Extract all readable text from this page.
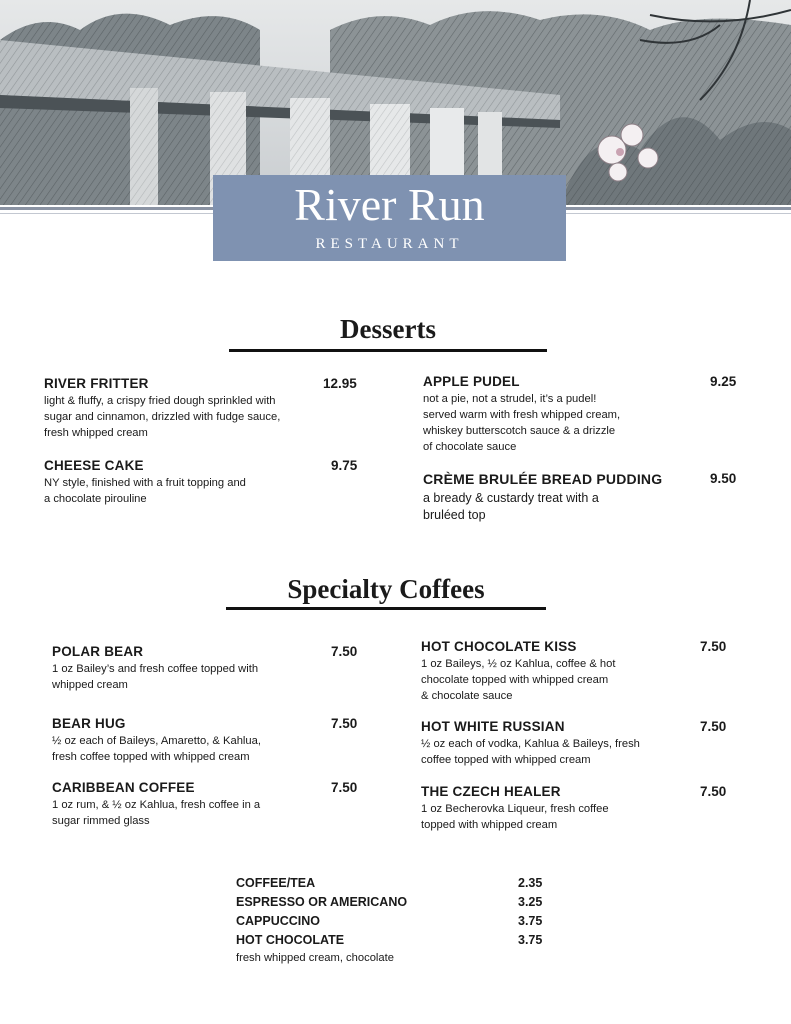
River Run
RESTAURANT
Desserts
RIVER FRITTER	12.95
light & fluffy, a crispy fried dough sprinkled with
sugar and cinnamon, drizzled with fudge sauce,
fresh whipped cream
CHEESE CAKE	9.75
NY style, finished with a fruit topping and
a chocolate pirouline
APPLE PUDEL	9.25
not a pie, not a strudel, it’s a pudel!
served warm with fresh whipped cream,
whiskey butterscotch sauce & a drizzle
of chocolate sauce
CRÈME BRULÉE BREAD PUDDING	9.50
a bready & custardy treat with a
bruléed top
Specialty Coffees
POLAR BEAR	7.50
1 oz Bailey’s and fresh coffee topped with
whipped cream
BEAR HUG	7.50
½ oz each of Baileys, Amaretto, & Kahlua,
fresh coffee topped with whipped cream
CARIBBEAN COFFEE	7.50
1 oz rum, & ½ oz Kahlua, fresh coffee in a
sugar rimmed glass
HOT CHOCOLATE KISS	7.50
1 oz Baileys, ½ oz Kahlua, coffee & hot
chocolate topped with whipped cream
& chocolate sauce
HOT WHITE RUSSIAN	7.50
½ oz each of vodka, Kahlua & Baileys, fresh
coffee topped with whipped cream
THE CZECH HEALER	7.50
1 oz Becherovka Liqueur, fresh coffee
topped with whipped cream
COFFEE/TEA	2.35
ESPRESSO OR AMERICANO	3.25
CAPPUCCINO	3.75
HOT CHOCOLATE	3.75
fresh whipped cream, chocolate
